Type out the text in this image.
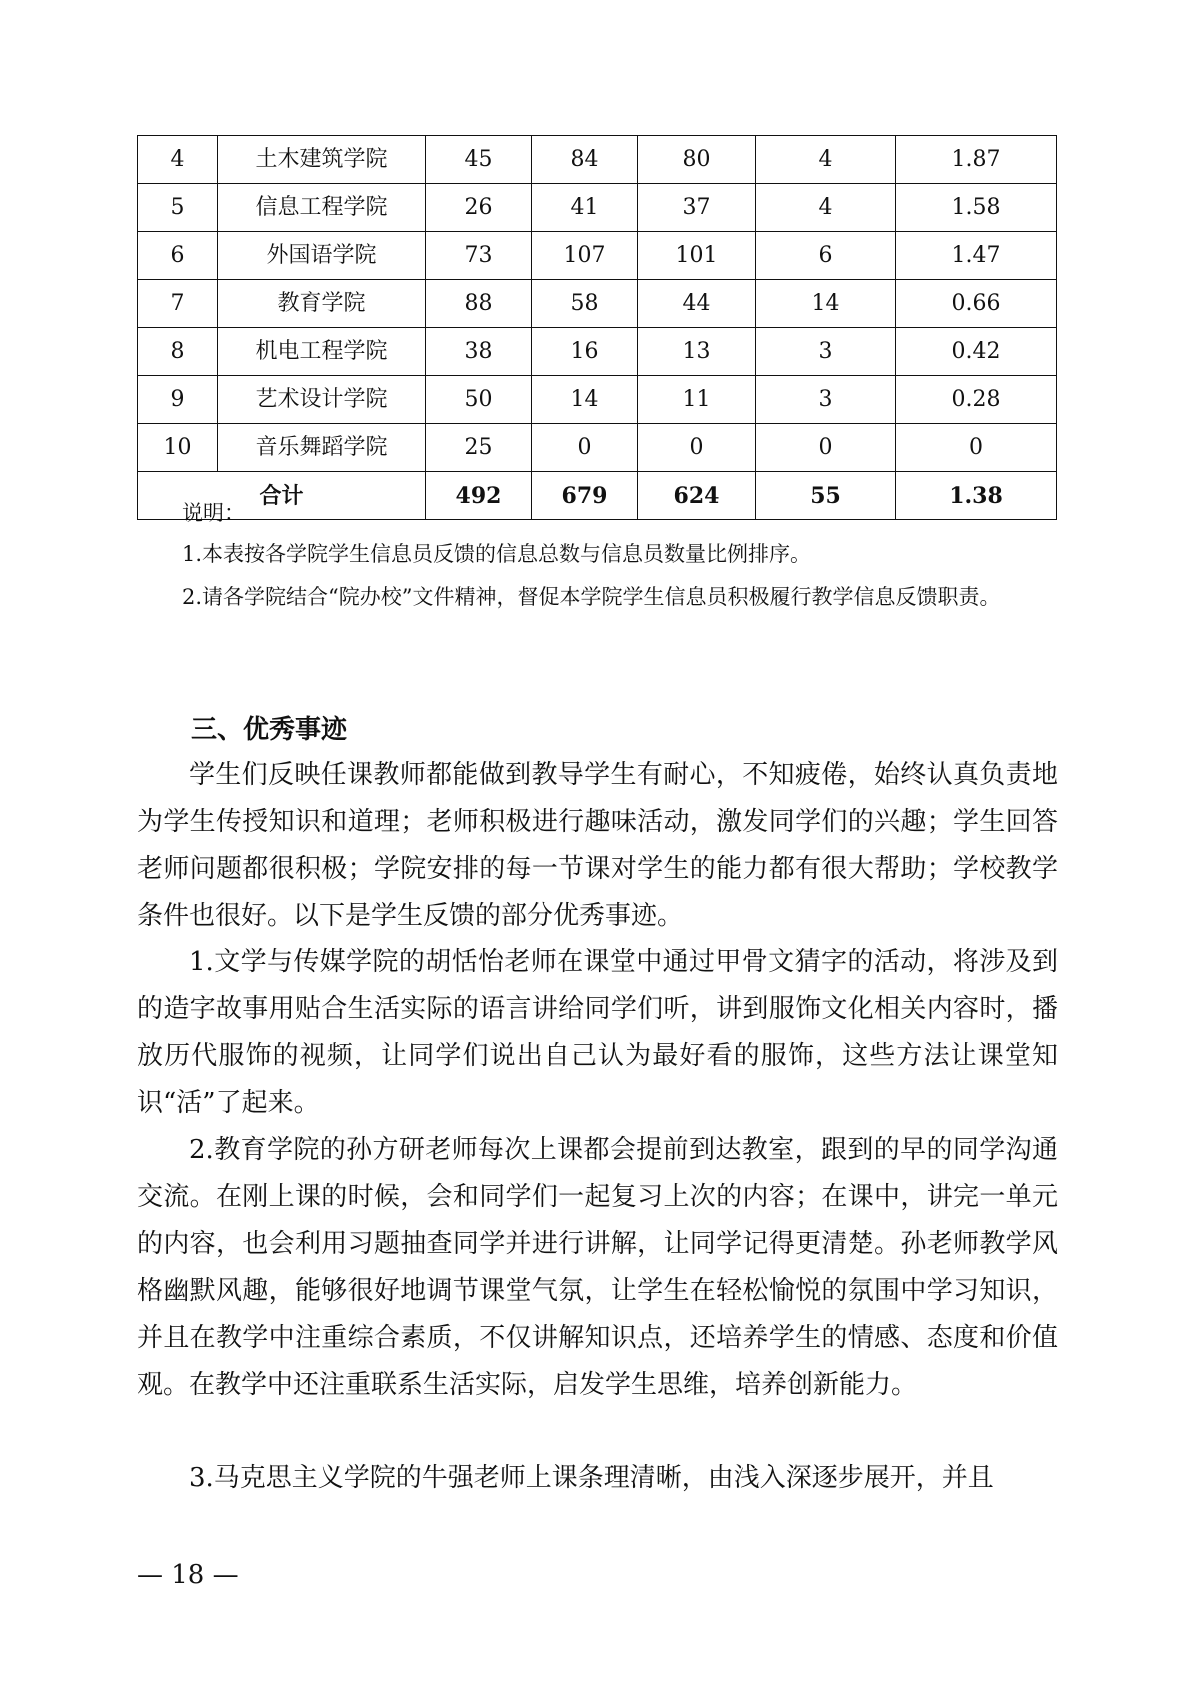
4	土木建筑学院	45	84	80	4	1.87
5	信息工程学院	26	41	37	4	1.58
6	外国语学院	73	107	101	6	1.47
7	教育学院	88	58	44	14	0.66
8	机电工程学院	38	16	13	3	0.42
9	艺术设计学院	50	14	11	3	0.28
10	音乐舞蹈学院	25	0	0	0	0
合计		492	679	624	55	1.38
说明：
1.本表按各学院学生信息员反馈的信息总数与信息员数量比例排序。
2.请各学院结合“院办校”文件精神，督促本学院学生信息员积极履行教学信息反馈职责。
三、优秀事迹
学生们反映任课教师都能做到教导学生有耐心，不知疲倦，始终认真负责地为学生传授知识和道理；老师积极进行趣味活动，激发同学们的兴趣；学生回答老师问题都很积极；学院安排的每一节课对学生的能力都有很大帮助；学校教学条件也很好。以下是学生反馈的部分优秀事迹。
1.文学与传媒学院的胡恬怡老师在课堂中通过甲骨文猜字的活动，将涉及到的造字故事用贴合生活实际的语言讲给同学们听，讲到服饰文化相关内容时，播放历代服饰的视频，让同学们说出自己认为最好看的服饰，这些方法让课堂知识“活”了起来。
2.教育学院的孙方研老师每次上课都会提前到达教室，跟到的早的同学沟通交流。在刚上课的时候，会和同学们一起复习上次的内容；在课中，讲完一单元的内容，也会利用习题抽查同学并进行讲解，让同学记得更清楚。孙老师教学风格幽默风趣，能够很好地调节课堂气氛，让学生在轻松愉悦的氛围中学习知识，并且在教学中注重综合素质，不仅讲解知识点，还培养学生的情感、态度和价值观。在教学中还注重联系生活实际，启发学生思维，培养创新能力。
3.马克思主义学院的牛强老师上课条理清晰，由浅入深逐步展开，并且
— 18 —
